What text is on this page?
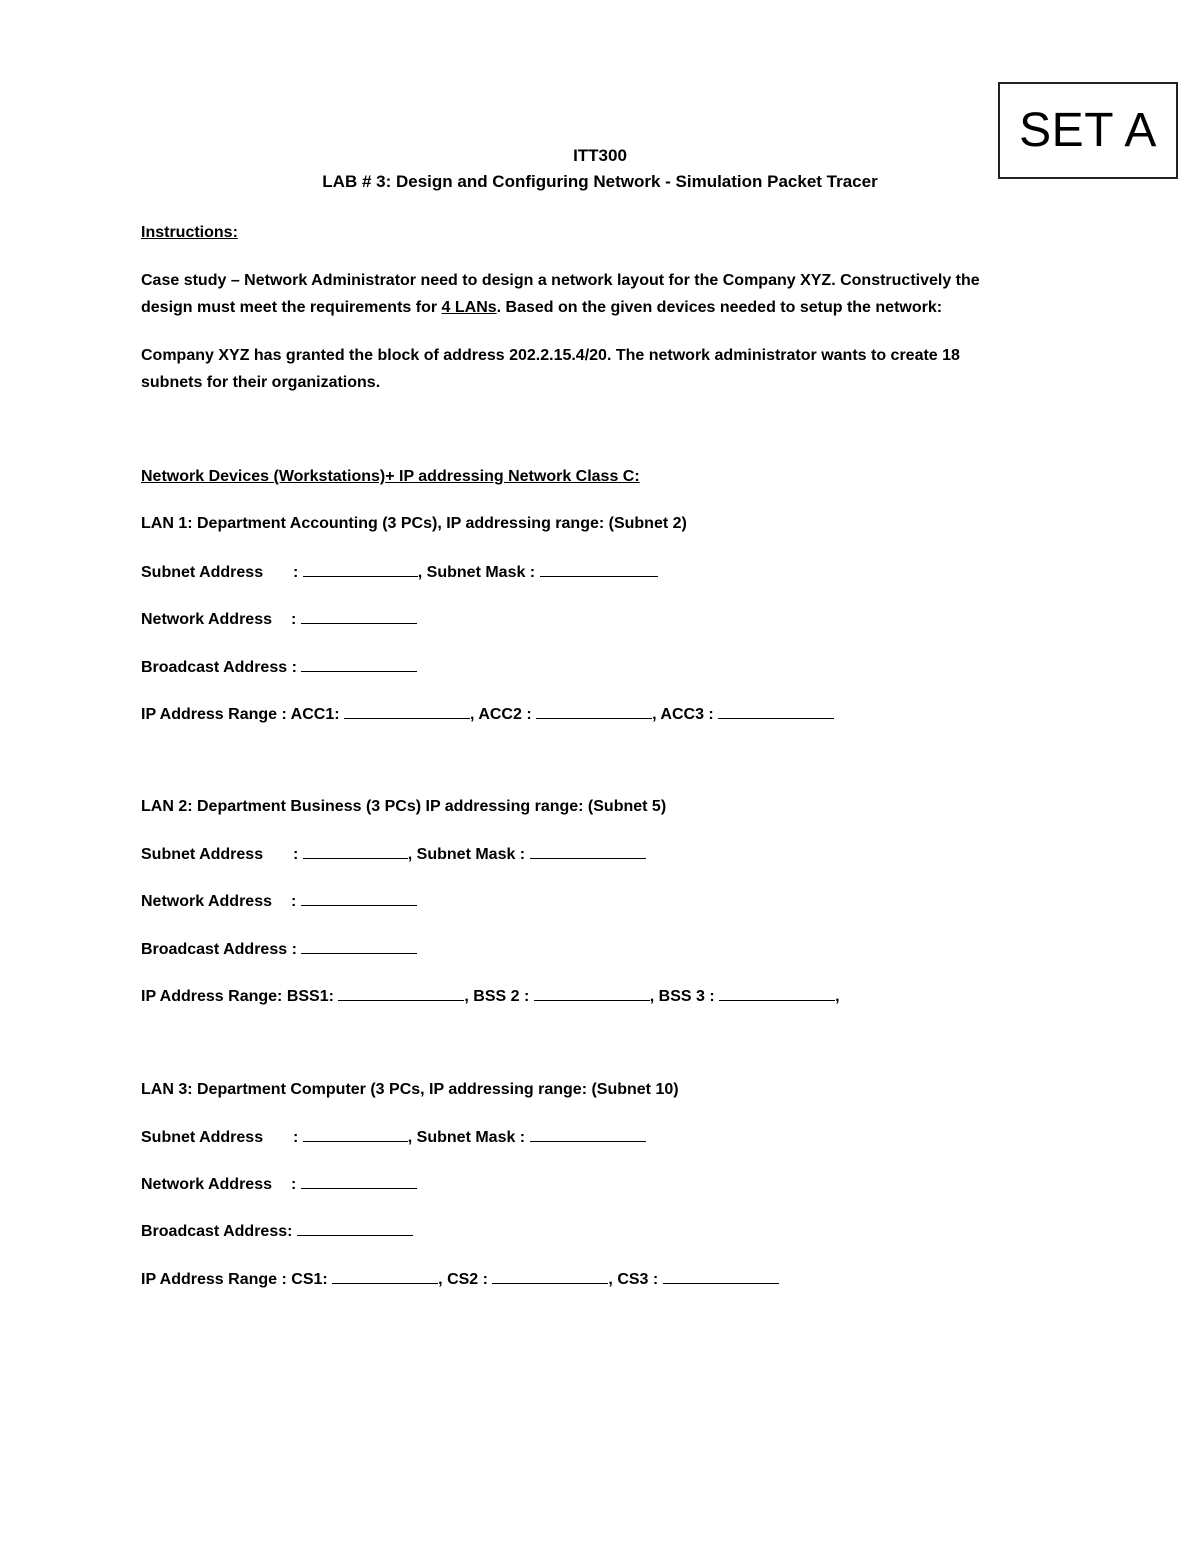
SET A
ITT300
LAB # 3: Design and Configuring Network - Simulation Packet Tracer
Instructions:
Case study – Network Administrator need to design a network layout for the Company XYZ. Constructively the
design must meet the requirements for 4 LANs. Based on the given devices needed to setup the network:
Company XYZ has granted the block of address 202.2.15.4/20. The network administrator wants to create 18
subnets for their organizations.
Network Devices (Workstations)+ IP addressing Network Class C:
LAN 1: Department Accounting (3 PCs), IP addressing range: (Subnet 2)
Subnet Address :	, Subnet Mask :
Network Address :
Broadcast Address :
IP Address Range : ACC1:	, ACC2 :	, ACC3 :
LAN 2: Department Business (3 PCs) IP addressing range: (Subnet 5)
Subnet Address :	, Subnet Mask :
Network Address :
Broadcast Address :
IP Address Range: BSS1:	, BSS 2 :	, BSS 3 :	,
LAN 3: Department Computer (3 PCs, IP addressing range: (Subnet 10)
Subnet Address :	, Subnet Mask :
Network Address :
Broadcast Address:
IP Address Range : CS1:	, CS2 :	, CS3 :
